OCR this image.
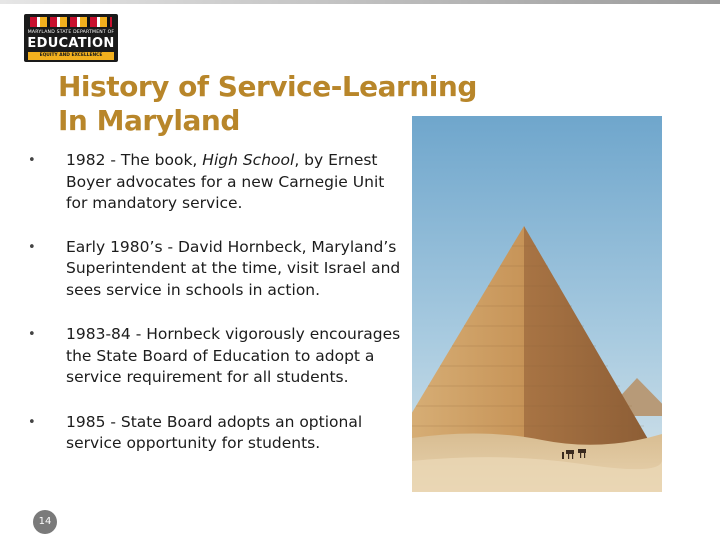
MARYLAND STATE DEPARTMENT OF
EDUCATION
EQUITY AND EXCELLENCE
History of Service-Learning
In Maryland
• 1982 - The book, High School, by Ernest Boyer advocates for a new Carnegie Unit for mandatory service.
• Early 1980’s - David Hornbeck, Maryland’s Superintendent at the time, visit Israel and sees service in schools in action.
• 1983-84 - Hornbeck vigorously encourages the State Board of Education to adopt a service requirement for all students.
• 1985 - State Board adopts an optional service opportunity for students.
14
